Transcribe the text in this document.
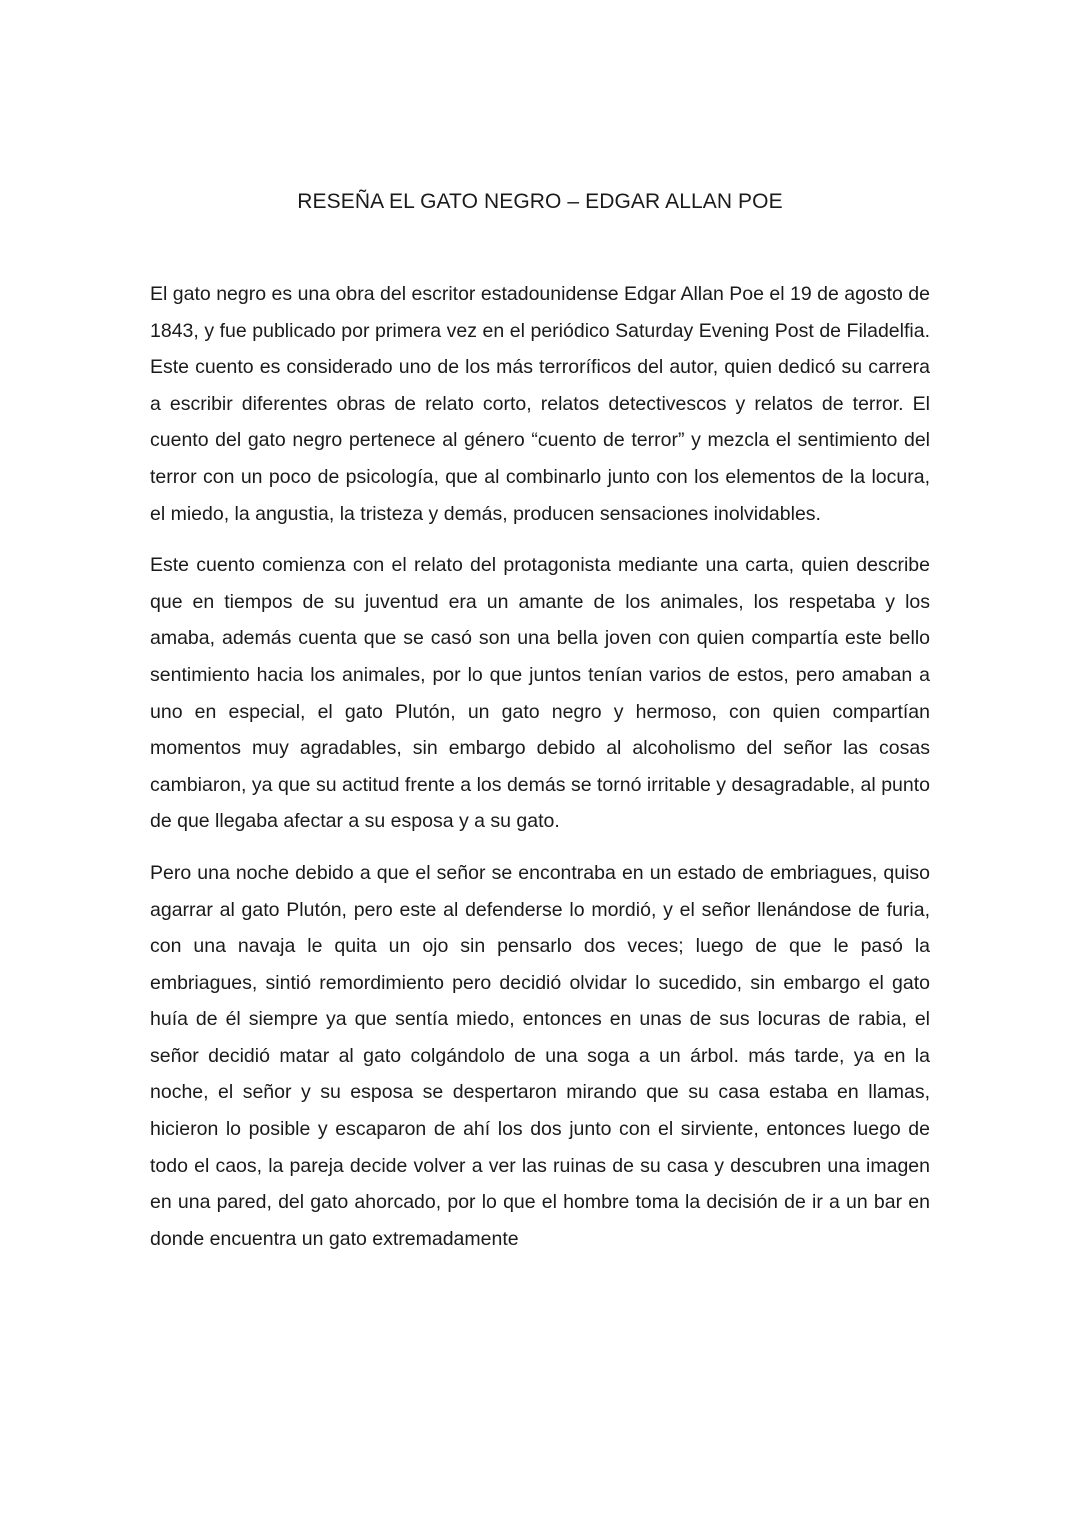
RESEÑA EL GATO NEGRO – EDGAR ALLAN POE

El gato negro es una obra del escritor estadounidense Edgar Allan Poe el 19 de agosto de 1843, y fue publicado por primera vez en el periódico Saturday Evening Post de Filadelfia. Este cuento es considerado uno de los más terroríficos del autor, quien dedicó su carrera a escribir diferentes obras de relato corto, relatos detectivescos y relatos de terror. El cuento del gato negro pertenece al género “cuento de terror” y mezcla el sentimiento del terror con un poco de psicología, que al combinarlo junto con los elementos de la locura, el miedo, la angustia, la tristeza y demás, producen sensaciones inolvidables.

Este cuento comienza con el relato del protagonista mediante una carta, quien describe que en tiempos de su juventud era un amante de los animales, los respetaba y los amaba, además cuenta que se casó son una bella joven con quien compartía este bello sentimiento hacia los animales, por lo que juntos tenían varios de estos, pero amaban a uno en especial, el gato Plutón, un gato negro y hermoso, con quien compartían momentos muy agradables, sin embargo debido al alcoholismo del señor las cosas cambiaron, ya que su actitud frente a los demás se tornó irritable y desagradable, al punto de que llegaba afectar a su esposa y a su gato.

Pero una noche debido a que el señor se encontraba en un estado de embriagues, quiso agarrar al gato Plutón, pero este al defenderse lo mordió, y el señor llenándose de furia, con una navaja le quita un ojo sin pensarlo dos veces; luego de que le pasó la embriagues, sintió remordimiento pero decidió olvidar lo sucedido, sin embargo el gato huía de él siempre ya que sentía miedo, entonces en unas de sus locuras de rabia, el señor decidió matar al gato colgándolo de una soga a un árbol. más tarde, ya en la noche, el señor y su esposa se despertaron mirando que su casa estaba en llamas, hicieron lo posible y escaparon de ahí los dos junto con el sirviente, entonces luego de todo el caos, la pareja decide volver a ver las ruinas de su casa y descubren una imagen en una pared, del gato ahorcado, por lo que el hombre toma la decisión de ir a un bar en donde encuentra un gato extremadamente
